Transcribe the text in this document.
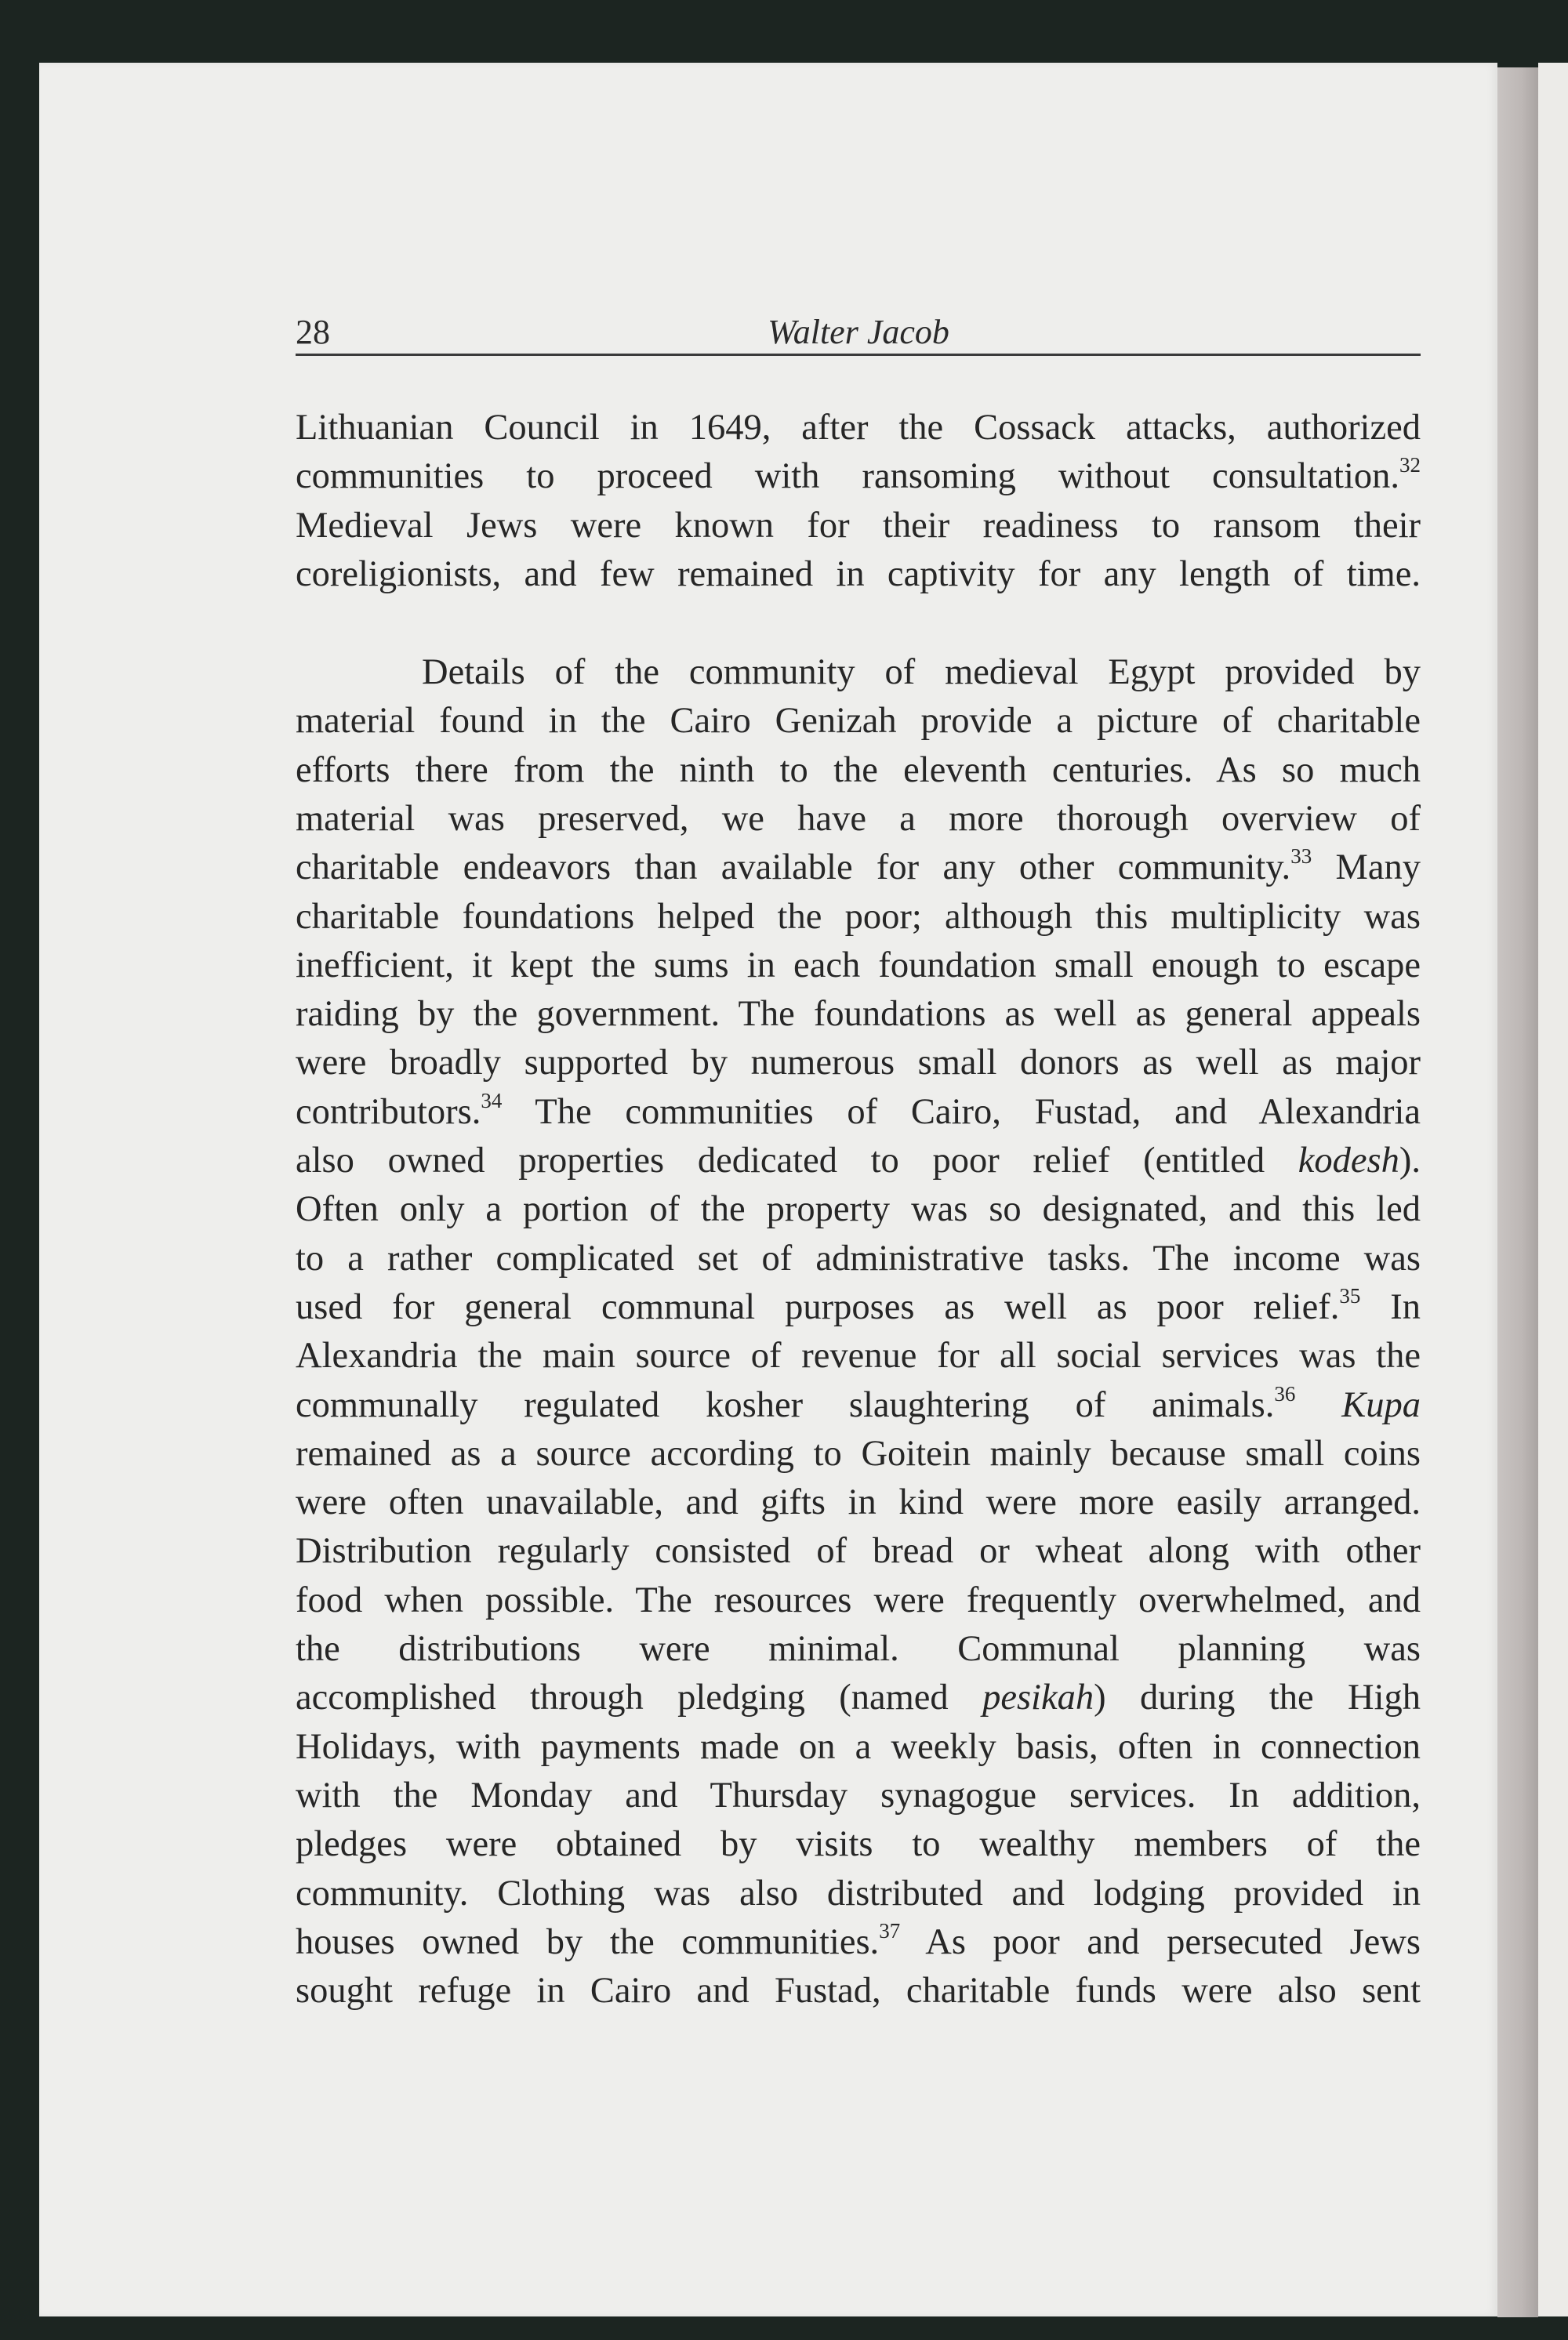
28	Walter Jacob
Lithuanian Council in 1649, after the Cossack attacks, authorized
communities to proceed with ransoming without consultation.$^{32}$
Medieval Jews were known for their readiness to ransom their
coreligionists, and few remained in captivity for any length of time.
Details of the community of medieval Egypt provided by
material found in the Cairo Genizah provide a picture of charitable
efforts there from the ninth to the eleventh centuries. As so much
material was preserved, we have a more thorough overview of
charitable endeavors than available for any other community.$^{33}$ Many
charitable foundations helped the poor; although this multiplicity was
inefficient, it kept the sums in each foundation small enough to escape
raiding by the government. The foundations as well as general appeals
were broadly supported by numerous small donors as well as major
contributors.$^{34}$ The communities of Cairo, Fustad, and Alexandria
also owned properties dedicated to poor relief (entitled kodesh).
Often only a portion of the property was so designated, and this led
to a rather complicated set of administrative tasks. The income was
used for general communal purposes as well as poor relief.$^{35}$ In
Alexandria the main source of revenue for all social services was the
communally regulated kosher slaughtering of animals.$^{36}$ Kupa
remained as a source according to Goitein mainly because small coins
were often unavailable, and gifts in kind were more easily arranged.
Distribution regularly consisted of bread or wheat along with other
food when possible. The resources were frequently overwhelmed, and
the distributions were minimal. Communal planning was
accomplished through pledging (named pesikah) during the High
Holidays, with payments made on a weekly basis, often in connection
with the Monday and Thursday synagogue services. In addition,
pledges were obtained by visits to wealthy members of the
community. Clothing was also distributed and lodging provided in
houses owned by the communities.$^{37}$ As poor and persecuted Jews
sought refuge in Cairo and Fustad, charitable funds were also sent
